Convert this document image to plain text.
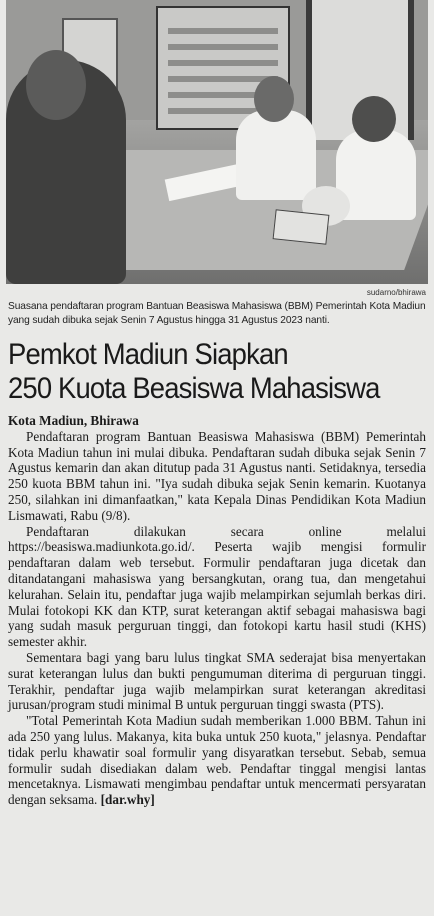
sudarno/bhirawa
Suasana pendaftaran program Bantuan Beasiswa Mahasiswa (BBM) Pemerintah Kota Madiun yang sudah dibuka sejak Senin 7 Agustus hingga 31 Agustus 2023 nanti.
Pemkot Madiun Siapkan
250 Kuota Beasiswa Mahasiswa
Kota Madiun, Bhirawa

Pendaftaran program Bantuan Beasiswa Mahasiswa (BBM) Pemerintah Kota Madiun tahun ini mulai dibuka. Pendaftaran sudah dibuka sejak Senin 7 Agustus kemarin dan akan ditutup pada 31 Agustus nanti. Setidaknya, tersedia 250 kuota BBM tahun ini. "Iya sudah dibuka sejak Senin kemarin. Kuotanya 250, silahkan ini dimanfaatkan," kata Kepala Dinas Pendidikan Kota Madiun Lismawati, Rabu (9/8).

Pendaftaran dilakukan secara online melalui https://beasiswa.madiunkota.go.id/. Peserta wajib mengisi formulir pendaftaran dalam web tersebut. Formulir pendaftaran juga dicetak dan ditandatangani mahasiswa yang bersangkutan, orang tua, dan mengetahui kelurahan. Selain itu, pendaftar juga wajib melampirkan sejumlah berkas diri. Mulai fotokopi KK dan KTP, surat keterangan aktif sebagai mahasiswa bagi yang sudah masuk perguruan tinggi, dan fotokopi kartu hasil studi (KHS) semester akhir.

Sementara bagi yang baru lulus tingkat SMA sederajat bisa menyertakan surat keterangan lulus dan bukti pengumuman diterima di perguruan tinggi. Terakhir, pendaftar juga wajib melampirkan surat keterangan akreditasi jurusan/program studi minimal B untuk perguruan tinggi swasta (PTS).

"Total Pemerintah Kota Madiun sudah memberikan 1.000 BBM. Tahun ini ada 250 yang lulus. Makanya, kita buka untuk 250 kuota," jelasnya. Pendaftar tidak perlu khawatir soal formulir yang disyaratkan tersebut. Sebab, semua formulir sudah disediakan dalam web. Pendaftar tinggal mengisi lantas mencetaknya. Lismawati mengimbau pendaftar untuk mencermati persyaratan dengan seksama. [dar.why]
